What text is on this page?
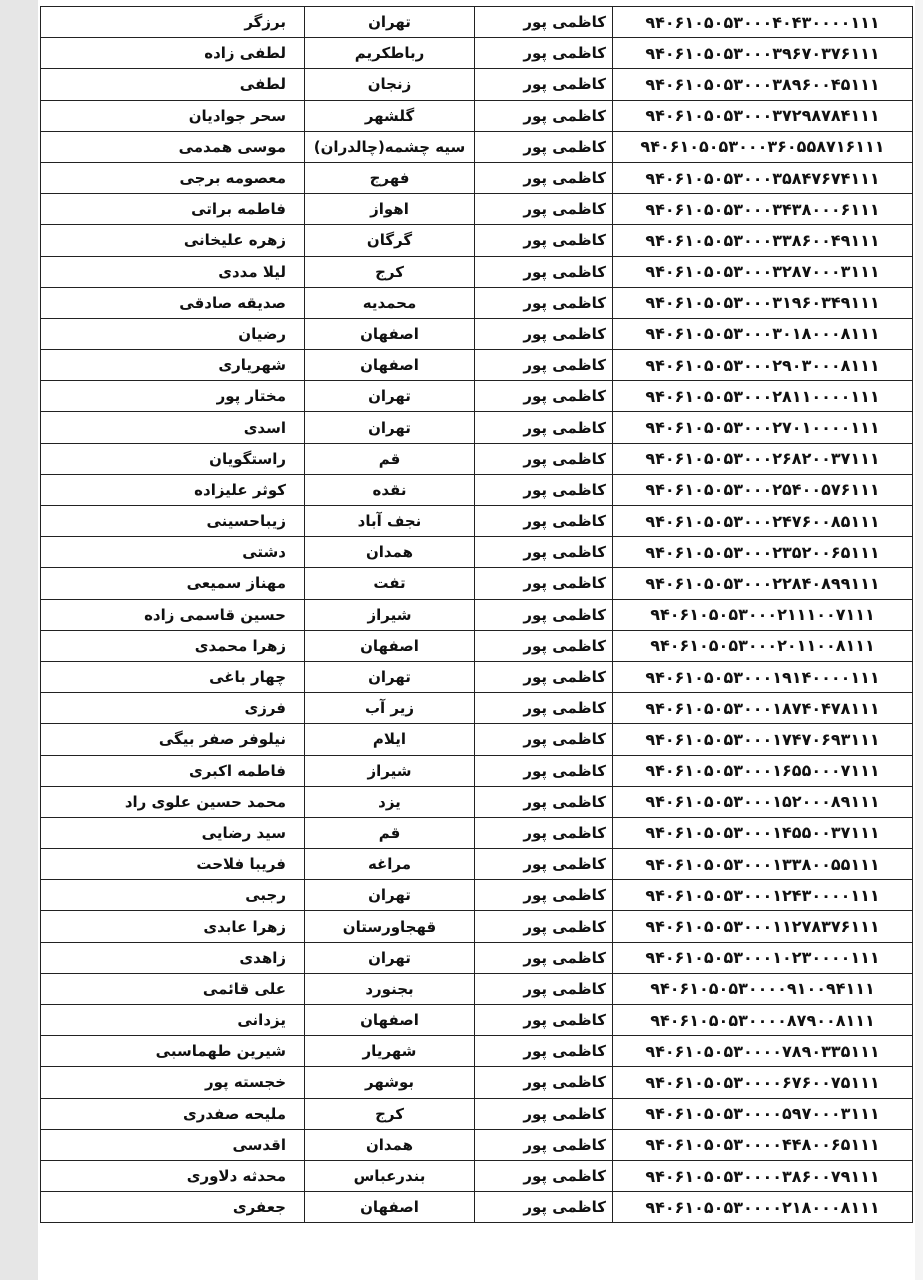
۹۴۰۶۱۰۵۰۵۳۰۰۰۴۰۴۳۰۰۰۰۱۱۱	کاظمی پور	تهران	برزگر
۹۴۰۶۱۰۵۰۵۳۰۰۰۳۹۶۷۰۳۷۶۱۱۱	کاظمی پور	رباطکریم	لطفی زاده
۹۴۰۶۱۰۵۰۵۳۰۰۰۳۸۹۶۰۰۴۵۱۱۱	کاظمی پور	زنجان	لطفی
۹۴۰۶۱۰۵۰۵۳۰۰۰۳۷۲۹۸۷۸۴۱۱۱	کاظمی پور	گلشهر	سحر جوادیان
۹۴۰۶۱۰۵۰۵۳۰۰۰۳۶۰۵۵۸۷۱۶۱۱۱	کاظمی پور	سیه چشمه(چالدران)	موسی همدمی
۹۴۰۶۱۰۵۰۵۳۰۰۰۳۵۸۴۷۶۷۴۱۱۱	کاظمی پور	فهرج	معصومه برجی
۹۴۰۶۱۰۵۰۵۳۰۰۰۳۴۳۸۰۰۰۶۱۱۱	کاظمی پور	اهواز	فاطمه براتی
۹۴۰۶۱۰۵۰۵۳۰۰۰۳۳۸۶۰۰۴۹۱۱۱	کاظمی پور	گرگان	زهره علیخانی
۹۴۰۶۱۰۵۰۵۳۰۰۰۳۲۸۷۰۰۰۳۱۱۱	کاظمی پور	کرج	لیلا مددی
۹۴۰۶۱۰۵۰۵۳۰۰۰۳۱۹۶۰۳۴۹۱۱۱	کاظمی پور	محمدیه	صدیقه صادقی
۹۴۰۶۱۰۵۰۵۳۰۰۰۳۰۱۸۰۰۰۸۱۱۱	کاظمی پور	اصفهان	رضیان
۹۴۰۶۱۰۵۰۵۳۰۰۰۲۹۰۳۰۰۰۸۱۱۱	کاظمی پور	اصفهان	شهریاری
۹۴۰۶۱۰۵۰۵۳۰۰۰۲۸۱۱۰۰۰۰۱۱۱	کاظمی پور	تهران	مختار پور
۹۴۰۶۱۰۵۰۵۳۰۰۰۲۷۰۱۰۰۰۰۱۱۱	کاظمی پور	تهران	اسدی
۹۴۰۶۱۰۵۰۵۳۰۰۰۲۶۸۲۰۰۳۷۱۱۱	کاظمی پور	قم	راستگویان
۹۴۰۶۱۰۵۰۵۳۰۰۰۲۵۴۰۰۵۷۶۱۱۱	کاظمی پور	نقده	کوثر علیزاده
۹۴۰۶۱۰۵۰۵۳۰۰۰۲۴۷۶۰۰۸۵۱۱۱	کاظمی پور	نجف آباد	زیباحسینی
۹۴۰۶۱۰۵۰۵۳۰۰۰۲۳۵۲۰۰۶۵۱۱۱	کاظمی پور	همدان	دشتی
۹۴۰۶۱۰۵۰۵۳۰۰۰۲۲۸۴۰۸۹۹۱۱۱	کاظمی پور	تفت	مهناز سمیعی
۹۴۰۶۱۰۵۰۵۳۰۰۰۲۱۱۱۰۰۷۱۱۱	کاظمی پور	شیراز	حسین قاسمی زاده
۹۴۰۶۱۰۵۰۵۳۰۰۰۲۰۱۱۰۰۸۱۱۱	کاظمی پور	اصفهان	زهرا محمدی
۹۴۰۶۱۰۵۰۵۳۰۰۰۱۹۱۴۰۰۰۰۱۱۱	کاظمی پور	تهران	چهار باغی
۹۴۰۶۱۰۵۰۵۳۰۰۰۱۸۷۴۰۴۷۸۱۱۱	کاظمی پور	زیر آب	فرزی
۹۴۰۶۱۰۵۰۵۳۰۰۰۱۷۴۷۰۶۹۳۱۱۱	کاظمی پور	ایلام	نیلوفر صفر بیگی
۹۴۰۶۱۰۵۰۵۳۰۰۰۱۶۵۵۰۰۰۷۱۱۱	کاظمی پور	شیراز	فاطمه اکبری
۹۴۰۶۱۰۵۰۵۳۰۰۰۱۵۲۰۰۰۸۹۱۱۱	کاظمی پور	یزد	محمد حسین علوی راد
۹۴۰۶۱۰۵۰۵۳۰۰۰۱۴۵۵۰۰۳۷۱۱۱	کاظمی پور	قم	سید رضایی
۹۴۰۶۱۰۵۰۵۳۰۰۰۱۳۳۸۰۰۵۵۱۱۱	کاظمی پور	مراغه	فریبا فلاحت
۹۴۰۶۱۰۵۰۵۳۰۰۰۱۲۴۳۰۰۰۰۱۱۱	کاظمی پور	تهران	رجبی
۹۴۰۶۱۰۵۰۵۳۰۰۰۱۱۲۷۸۳۷۶۱۱۱	کاظمی پور	قهجاورستان	زهرا عابدی
۹۴۰۶۱۰۵۰۵۳۰۰۰۱۰۲۳۰۰۰۰۱۱۱	کاظمی پور	تهران	زاهدی
۹۴۰۶۱۰۵۰۵۳۰۰۰۰۹۱۰۰۹۴۱۱۱	کاظمی پور	بجنورد	علی قائمی
۹۴۰۶۱۰۵۰۵۳۰۰۰۰۸۷۹۰۰۸۱۱۱	کاظمی پور	اصفهان	یزدانی
۹۴۰۶۱۰۵۰۵۳۰۰۰۰۷۸۹۰۳۳۵۱۱۱	کاظمی پور	شهریار	شیرین طهماسبی
۹۴۰۶۱۰۵۰۵۳۰۰۰۰۶۷۶۰۰۷۵۱۱۱	کاظمی پور	بوشهر	خجسته پور
۹۴۰۶۱۰۵۰۵۳۰۰۰۰۵۹۷۰۰۰۳۱۱۱	کاظمی پور	کرج	ملیحه صفدری
۹۴۰۶۱۰۵۰۵۳۰۰۰۰۴۴۸۰۰۶۵۱۱۱	کاظمی پور	همدان	اقدسی
۹۴۰۶۱۰۵۰۵۳۰۰۰۰۳۸۶۰۰۷۹۱۱۱	کاظمی پور	بندرعباس	محدثه دلاوری
۹۴۰۶۱۰۵۰۵۳۰۰۰۰۲۱۸۰۰۰۸۱۱۱	کاظمی پور	اصفهان	جعفری
